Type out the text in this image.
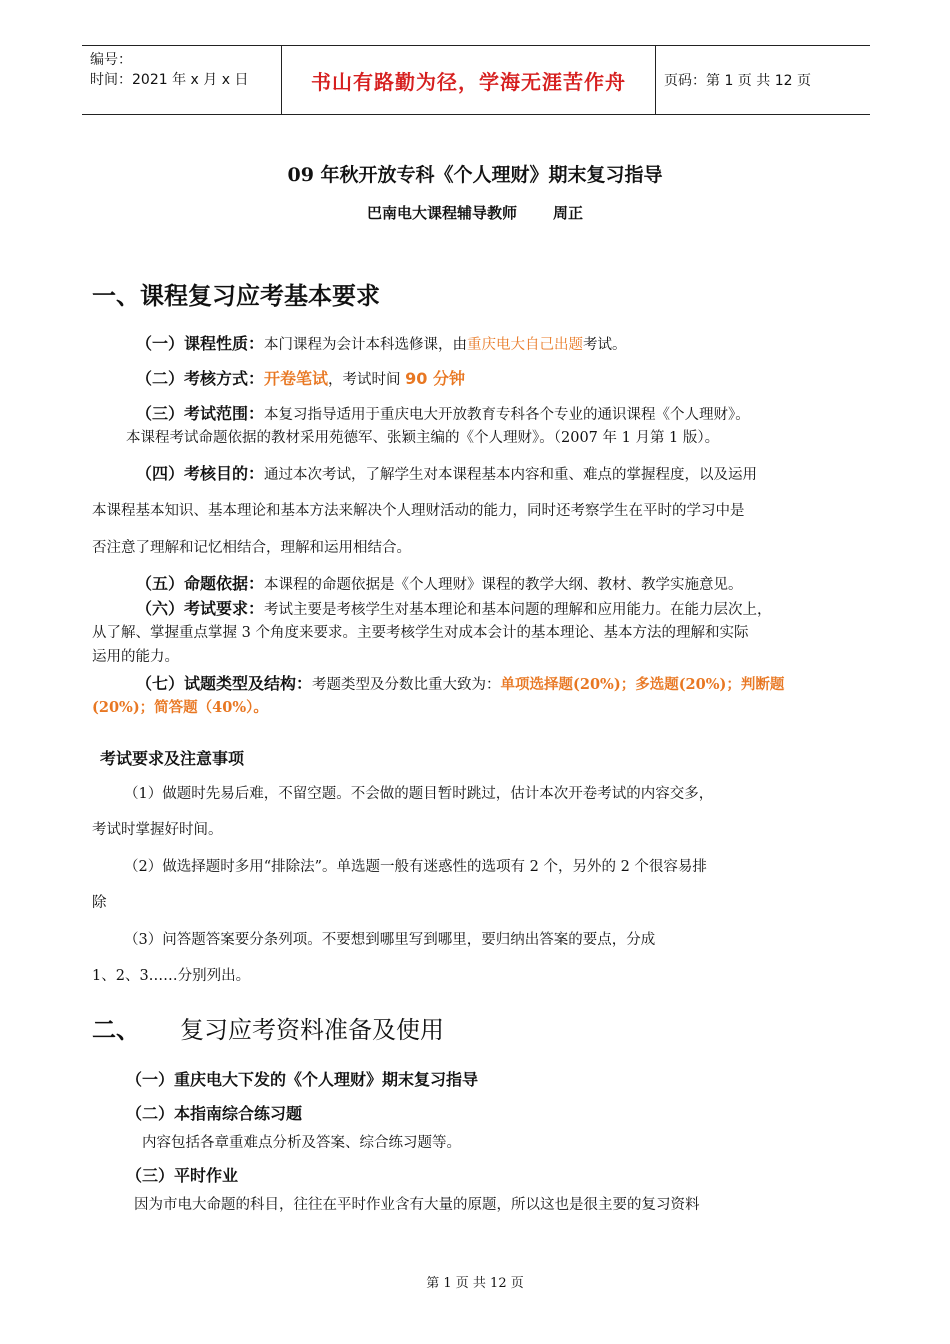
编号：
时间：2021 年 x 月 x 日	书山有路勤为径，学海无涯苦作舟	页码：第 1 页 共 12 页
09 年秋开放专科《个人理财》期末复习指导
巴南电大课程辅导教师 周正
一、课程复习应考基本要求
（一）课程性质：本门课程为会计本科选修课，由重庆电大自己出题考试。
（二）考核方式：开卷笔试，考试时间 90 分钟
（三）考试范围：本复习指导适用于重庆电大开放教育专科各个专业的通识课程《个人理财》。
本课程考试命题依据的教材采用苑德军、张颖主编的《个人理财》。（2007 年 1 月第 1 版）。
（四）考核目的：通过本次考试，了解学生对本课程基本内容和重、难点的掌握程度，以及运用
本课程基本知识、基本理论和基本方法来解决个人理财活动的能力，同时还考察学生在平时的学习中是
否注意了理解和记忆相结合，理解和运用相结合。
（五）命题依据：本课程的命题依据是《个人理财》课程的教学大纲、教材、教学实施意见。
（六）考试要求：考试主要是考核学生对基本理论和基本问题的理解和应用能力。在能力层次上，
从了解、掌握重点掌握 3 个角度来要求。主要考核学生对成本会计的基本理论、基本方法的理解和实际
运用的能力。
（七）试题类型及结构：考题类型及分数比重大致为：单项选择题(20%)；多选题(20%)；判断题
(20%)；简答题（40%）。
考试要求及注意事项
（1）做题时先易后难，不留空题。不会做的题目暂时跳过，估计本次开卷考试的内容交多，
考试时掌握好时间。
（2）做选择题时多用“排除法”。单选题一般有迷惑性的选项有 2 个，另外的 2 个很容易排
除
（3）问答题答案要分条列项。不要想到哪里写到哪里，要归纳出答案的要点，分成
1、2、3……分别列出。
二、 复习应考资料准备及使用
（一）重庆电大下发的《个人理财》期末复习指导
（二）本指南综合练习题
内容包括各章重难点分析及答案、综合练习题等。
（三）平时作业
因为市电大命题的科目，往往在平时作业含有大量的原题，所以这也是很主要的复习资料
第 1 页 共 12 页
